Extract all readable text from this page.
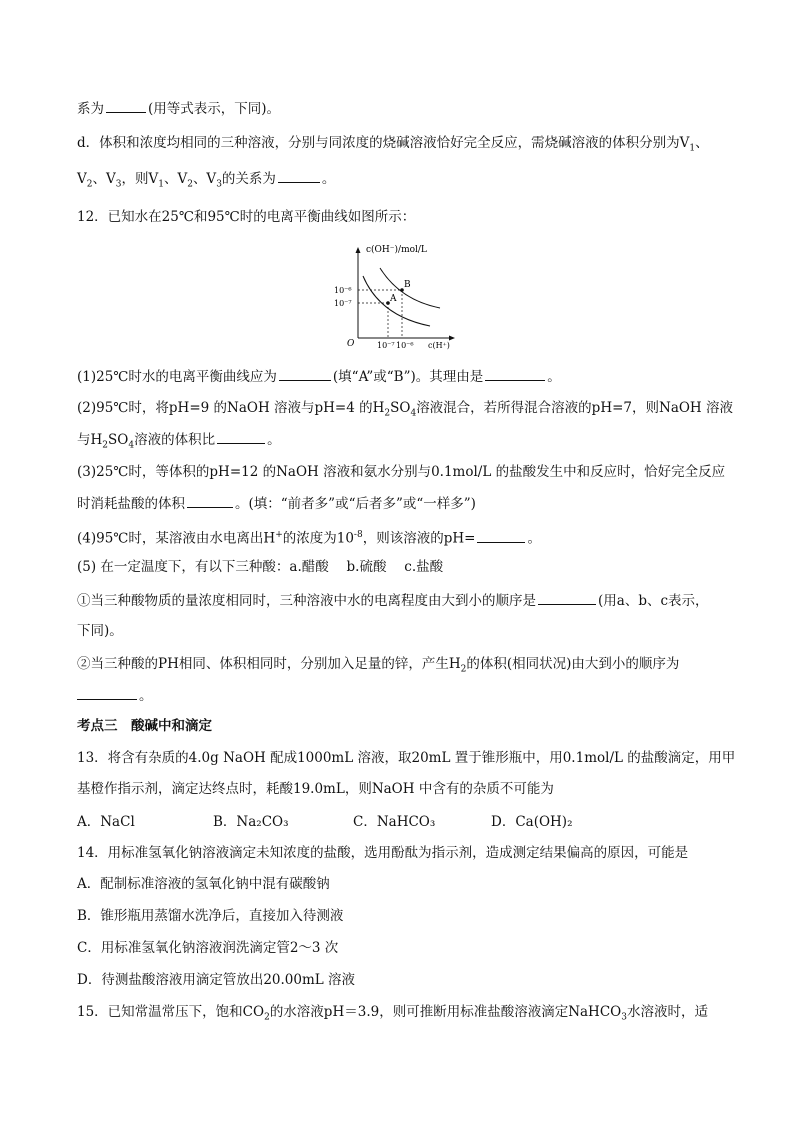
系为	(用等式表示，下同)。
d．体积和浓度均相同的三种溶液，分别与同浓度的烧碱溶液恰好完全反应，需烧碱溶液的体积分别为$V_1$、
$V_2$、$V_3$，则$V_1$、$V_2$、$V_3$的关系为	。
12．已知水在25℃和95℃时的电离平衡曲线如图所示：
c(OH⁻)/mol/L
c(H⁺)
O
B
A
10⁻⁶
10⁻⁷
10⁻⁷ 10⁻⁶
(1)25℃时水的电离平衡曲线应为	(填“A”或“B”)。其理由是	。
(2)95℃时，将pH=9 的NaOH 溶液与pH=4 的$H_2SO_4$溶液混合，若所得混合溶液的pH=7，则NaOH 溶液
与$H_2SO_4$溶液的体积比	。
(3)25℃时，等体积的pH=12 的NaOH 溶液和氨水分别与0.1mol/L 的盐酸发生中和反应时，恰好完全反应
时消耗盐酸的体积	。(填：“前者多”或“后者多”或“一样多”)
(4)95℃时，某溶液由水电离出H+的浓度为$10^{-8}$，则该溶液的pH=	。
(5) 在一定温度下，有以下三种酸：a.醋酸　 b.硫酸　 c.盐酸
①当三种酸物质的量浓度相同时，三种溶液中水的电离程度由大到小的顺序是	(用a、b、c表示，
下同)。
②当三种酸的PH相同、体积相同时，分别加入足量的锌，产生$H_2$的体积(相同状况)由大到小的顺序为
。
考点三　酸碱中和滴定
13．将含有杂质的4.0g NaOH 配成1000mL 溶液，取20mL 置于锥形瓶中，用0.1mol/L 的盐酸滴定，用甲
基橙作指示剂，滴定达终点时，耗酸19.0mL，则NaOH 中含有的杂质不可能为
A．NaCl	B．Na₂CO₃	C．NaHCO₃	D．Ca(OH)₂
14．用标准氢氧化钠溶液滴定未知浓度的盐酸，选用酚酞为指示剂，造成测定结果偏高的原因，可能是
A．配制标准溶液的氢氧化钠中混有碳酸钠
B．锥形瓶用蒸馏水洗净后，直接加入待测液
C．用标准氢氧化钠溶液润洗滴定管2～3 次
D．待测盐酸溶液用滴定管放出20.00mL 溶液
15．已知常温常压下，饱和$CO_2$的水溶液pH＝3.9，则可推断用标准盐酸溶液滴定NaHCO$_3$水溶液时，适
